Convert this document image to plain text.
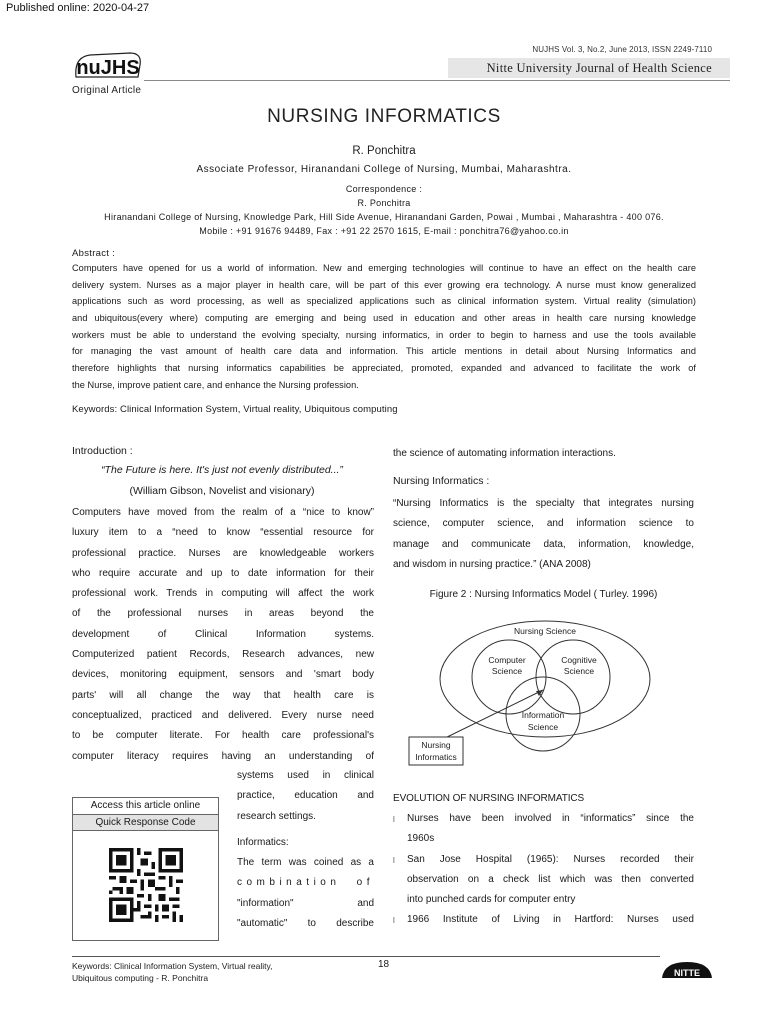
Published online: 2020-04-27
nuJHS
NUJHS Vol. 3, No.2, June 2013, ISSN 2249-7110
Nitte University Journal of Health Science
Original Article
NURSING INFORMATICS
R. Ponchitra
Associate Professor, Hiranandani College of Nursing, Mumbai, Maharashtra.
Correspondence :
R. Ponchitra
Hiranandani College of Nursing, Knowledge Park, Hill Side Avenue, Hiranandani Garden, Powai , Mumbai , Maharashtra - 400 076.
Mobile : +91 91676 94489, Fax : +91 22 2570 1615, E-mail : ponchitra76@yahoo.co.in
Abstract :
Computers have opened for us a world of information. New and emerging technologies will continue to have an effect on the health care
delivery system. Nurses as a major player in health care, will be part of this ever growing era technology. A nurse must know generalized
applications such as word processing, as well as specialized applications such as clinical information system. Virtual reality (simulation)
and ubiquitous(every where) computing are emerging and being used in education and other areas in health care nursing knowledge
workers must be able to understand the evolving specialty, nursing informatics, in order to begin to harness and use the tools available
for managing the vast amount of health care data and information. This article mentions in detail about Nursing Informatics and
therefore highlights that nursing informatics capabilities be appreciated, promoted, expanded and advanced to facilitate the work of
the Nurse, improve patient care, and enhance the Nursing profession.
Keywords: Clinical Information System, Virtual reality, Ubiquitous computing
Introduction :
“The Future is here. It's just not evenly distributed...”
(William Gibson, Novelist and visionary)
Computers have moved from the realm of a “nice to know”
luxury item to a “need to know “essential resource for
professional practice. Nurses are knowledgeable workers
who require accurate and up to date information for their
professional work. Trends in computing will affect the work
of the professional nurses in areas beyond the
development of Clinical Information systems.
Computerized patient Records, Research advances, new
devices, monitoring equipment, sensors and 'smart body
parts' will all change the way that health care is
conceptualized, practiced and delivered. Every nurse need
to be computer literate. For health care professional's
computer literacy requires having an understanding of
systems used in clinical
practice, education and
research settings.
Informatics:
The term was coined as a
combination of
"information" and
"automatic" to describe
Access this article online
Quick Response Code
the science of automating information interactions.
Nursing Informatics :
“Nursing Informatics is the specialty that integrates nursing
science, computer science, and information science to
manage and communicate data, information, knowledge,
and wisdom in nursing practice.” (ANA 2008)
Figure 2 : Nursing Informatics Model ( Turley. 1996)
Nursing Science
Computer
Science
Cognitive
Science
Information
Science
Nursing
Informatics
EVOLUTION OF NURSING INFORMATICS
l Nurses have been involved in “informatics” since the
1960s
l San Jose Hospital (1965): Nurses recorded their
observation on a check list which was then converted
into punched cards for computer entry
l 1966 Institute of Living in Hartford: Nurses used
Keywords: Clinical Information System, Virtual reality,
Ubiquitous computing - R. Ponchitra
18
NITTE
